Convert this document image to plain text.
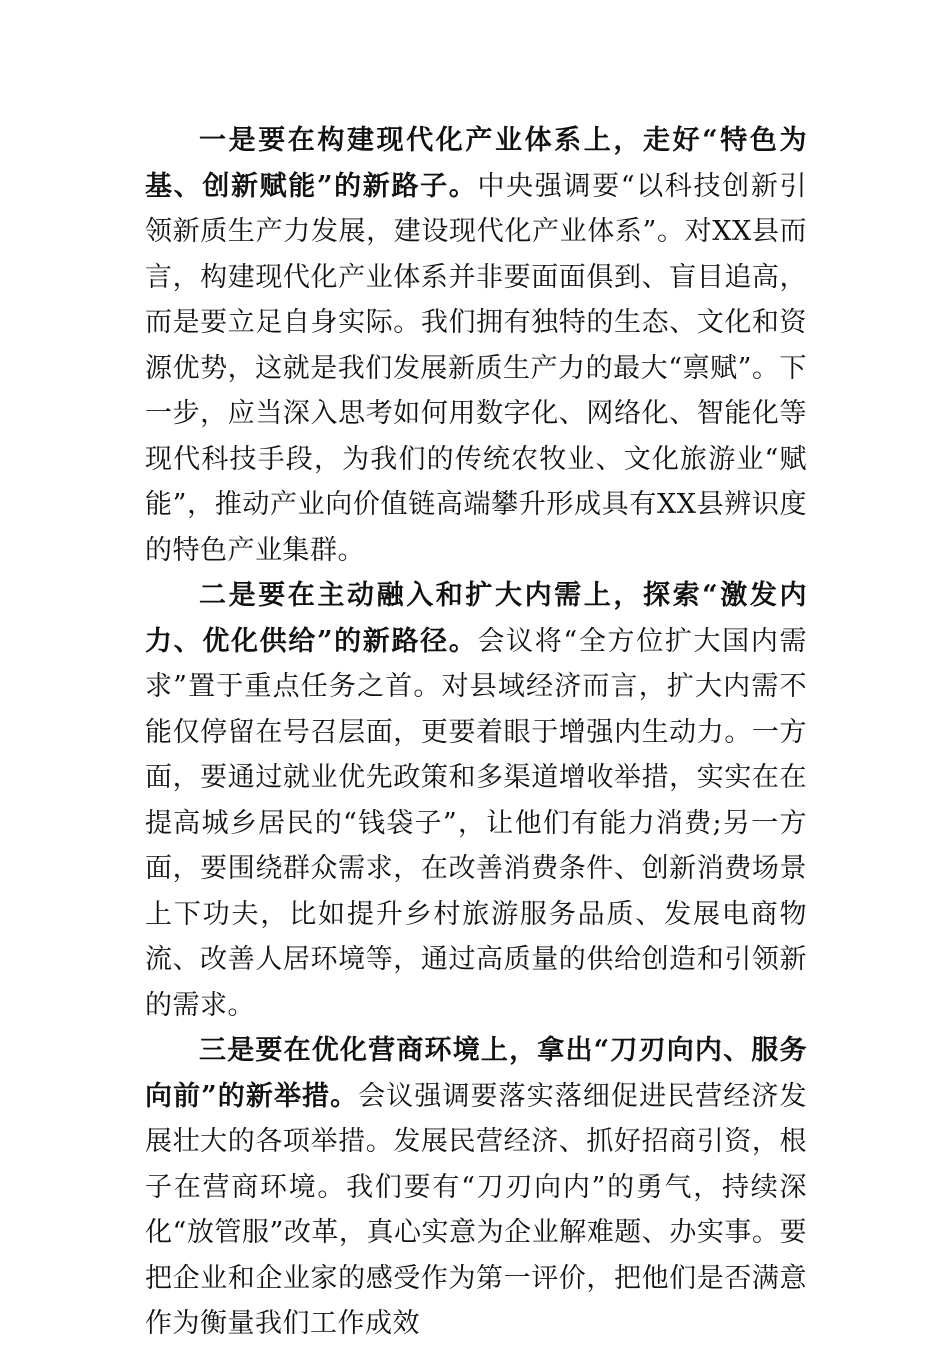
一是要在构建现代化产业体系上，走好“特色为基、创新赋能”的新路子。中央强调要“以科技创新引领新质生产力发展，建设现代化产业体系”。对XX县而言，构建现代化产业体系并非要面面俱到、盲目追高，而是要立足自身实际。我们拥有独特的生态、文化和资源优势，这就是我们发展新质生产力的最大“禀赋”。下一步，应当深入思考如何用数字化、网络化、智能化等现代科技手段，为我们的传统农牧业、文化旅游业“赋能”，推动产业向价值链高端攀升形成具有XX县辨识度的特色产业集群。

二是要在主动融入和扩大内需上，探索“激发内力、优化供给”的新路径。会议将“全方位扩大国内需求”置于重点任务之首。对县域经济而言，扩大内需不能仅停留在号召层面，更要着眼于增强内生动力。一方面，要通过就业优先政策和多渠道增收举措，实实在在提高城乡居民的“钱袋子”，让他们有能力消费;另一方面，要围绕群众需求，在改善消费条件、创新消费场景上下功夫，比如提升乡村旅游服务品质、发展电商物流、改善人居环境等，通过高质量的供给创造和引领新的需求。

三是要在优化营商环境上，拿出“刀刃向内、服务向前”的新举措。会议强调要落实落细促进民营经济发展壮大的各项举措。发展民营经济、抓好招商引资，根子在营商环境。我们要有“刀刃向内”的勇气，持续深化“放管服”改革，真心实意为企业解难题、办实事。要把企业和企业家的感受作为第一评价，把他们是否满意作为衡量我们工作成效
